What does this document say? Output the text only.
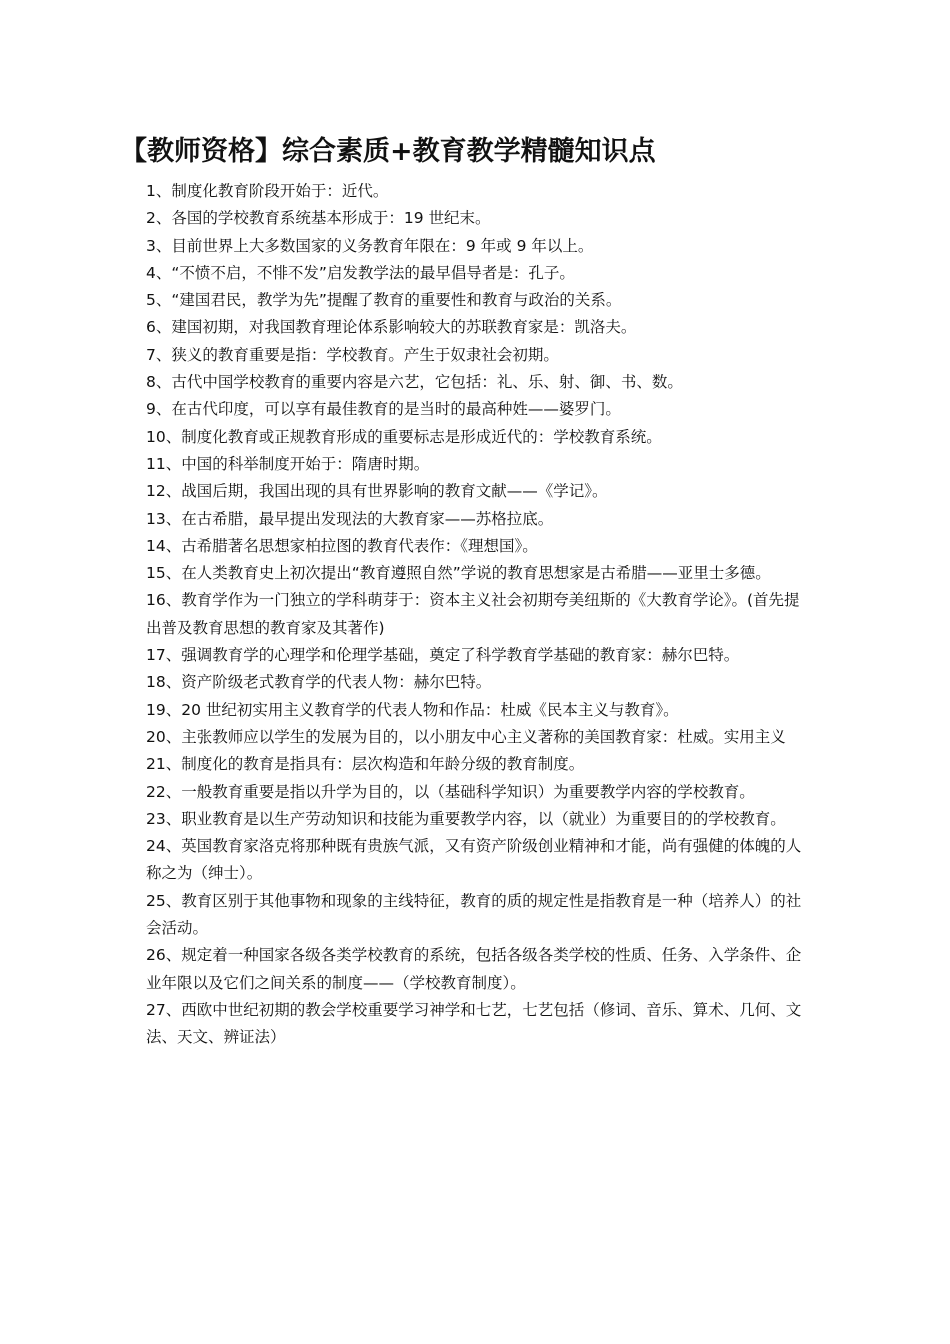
【教师资格】综合素质+教育教学精髓知识点

1、制度化教育阶段开始于：近代。

2、各国的学校教育系统基本形成于：19 世纪末。

3、目前世界上大多数国家的义务教育年限在：9 年或 9 年以上。

4、“不愤不启，不悱不发”启发教学法的最早倡导者是：孔子。

5、“建国君民，教学为先”提醒了教育的重要性和教育与政治的关系。

6、建国初期，对我国教育理论体系影响较大的苏联教育家是：凯洛夫。

7、狭义的教育重要是指：学校教育。产生于奴隶社会初期。

8、古代中国学校教育的重要内容是六艺，它包括：礼、乐、射、御、书、数。

9、在古代印度，可以享有最佳教育的是当时的最高种姓——婆罗门。

10、制度化教育或正规教育形成的重要标志是形成近代的：学校教育系统。

11、中国的科举制度开始于：隋唐时期。

12、战国后期，我国出现的具有世界影响的教育文献——《学记》。

13、在古希腊，最早提出发现法的大教育家——苏格拉底。

14、古希腊著名思想家柏拉图的教育代表作：《理想国》。

15、在人类教育史上初次提出“教育遵照自然”学说的教育思想家是古希腊——亚里士多德。

16、教育学作为一门独立的学科萌芽于：资本主义社会初期夸美纽斯的《大教育学论》。(首先提出普及教育思想的教育家及其著作)

17、强调教育学的心理学和伦理学基础，奠定了科学教育学基础的教育家：赫尔巴特。

18、资产阶级老式教育学的代表人物：赫尔巴特。

19、20 世纪初实用主义教育学的代表人物和作品：杜威《民本主义与教育》。

20、主张教师应以学生的发展为目的，以小朋友中心主义著称的美国教育家：杜威。实用主义

21、制度化的教育是指具有：层次构造和年龄分级的教育制度。

22、一般教育重要是指以升学为目的，以（基础科学知识）为重要教学内容的学校教育。

23、职业教育是以生产劳动知识和技能为重要教学内容，以（就业）为重要目的的学校教育。

24、英国教育家洛克将那种既有贵族气派，又有资产阶级创业精神和才能，尚有强健的体魄的人称之为（绅士）。

25、教育区别于其他事物和现象的主线特征，教育的质的规定性是指教育是一种（培养人）的社会活动。

26、规定着一种国家各级各类学校教育的系统，包括各级各类学校的性质、任务、入学条件、企业年限以及它们之间关系的制度——（学校教育制度）。

27、西欧中世纪初期的教会学校重要学习神学和七艺，七艺包括（修词、音乐、算术、几何、文法、天文、辨证法）
